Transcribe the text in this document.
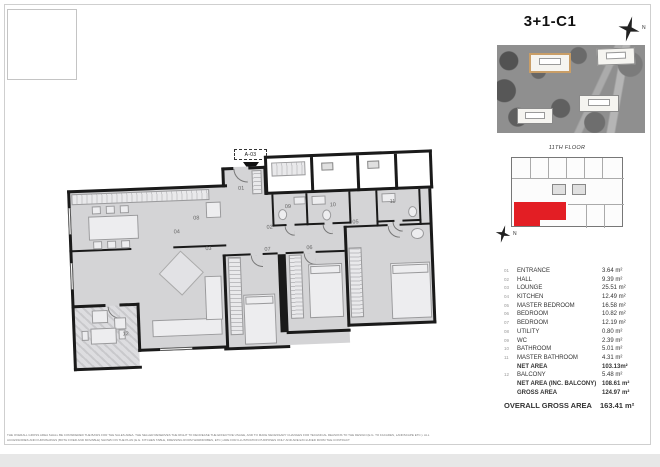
3+1-C1	N
11TH FLOOR
N
01	ENTRANCE	3.64 m²
02	HALL	9.39 m²
03	LOUNGE	25.51 m²
04	KITCHEN	12.49 m²
05	MASTER BEDROOM	16.58 m²
06	BEDROOM	10.82 m²
07	BEDROOM	12.19 m²
08	UTILITY	0.80 m²
09	WC	2.39 m²
10	BATHROOM	5.01 m²
11	MASTER BATHROOM	4.31 m²
NET AREA	103.13m²
12	BALCONY	5.48 m²
NET AREA (INC. BALCONY) 108.61 m²
GROSS AREA	124.97 m²
OVERALL GROSS AREA	163.41 m²
A-03
01
02
03
04
05
06
07
08
09	10
11
12
THE OVERALL GROSS AREA SHALL BE CONSIDERED THE BASIS FOR THE SALES AREA. THE SELLER RESERVES THE RIGHT TO DECREASE THE EFFECTIVE USAGE, AND TO MAKE NECESSARY CHANGES FOR TECHNICAL REASONS TO THE DESIGN (E.G. TO FACADES, LANDSCAPE ETC.). ALL
ACCESSORIES AND FURNISHINGS (BOTH FIXED AND MOVABLE) SHOWN ON THE PLAN (E.G. KITCHEN TABLE, DRESSING ROOM WARDROBES, ETC.) ARE FOR ILLUSTRATION PURPOSES ONLY AND ARE EXCLUDED FROM THE CONTRACT
